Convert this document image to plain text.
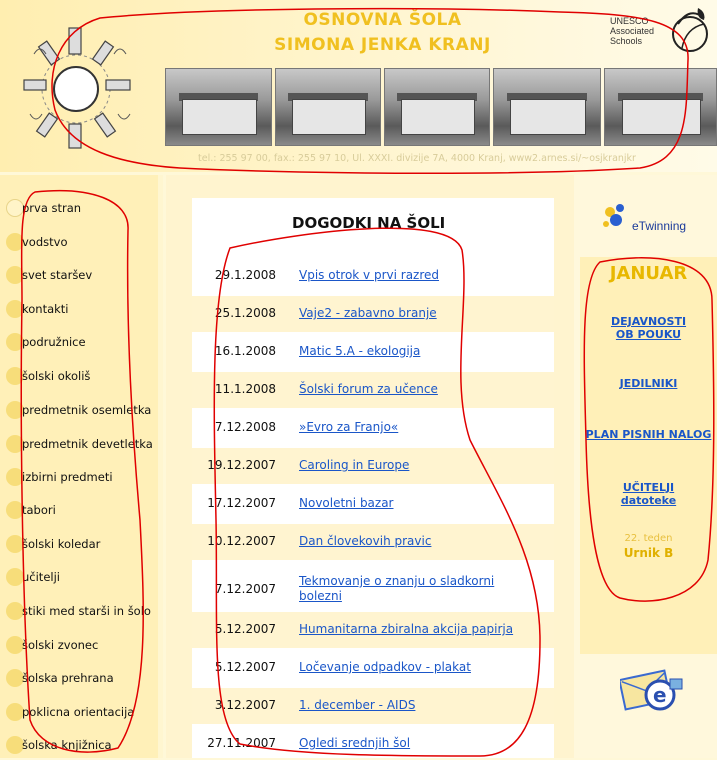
OSNOVNA ŠOLA
SIMONA JENKA KRANJ
UNESCO
Associated
Schools
tel.: 255 97 00, fax.: 255 97 10, Ul. XXXI. divizije 7A, 4000 Kranj, www2.arnes.si/~osjkranjkr
prva stran
vodstvo
svet staršev
kontakti
podružnice
šolski okoliš
predmetnik osemletka
predmetnik devetletka
izbirni predmeti
tabori
šolski koledar
učitelji
stiki med starši in šolo
šolski zvonec
šolska prehrana
poklicna orientacija
šolska knjižnica
DOGODKI NA ŠOLI
29.1.2008 Vpis otrok v prvi razred
25.1.2008 Vaje2 - zabavno branje
16.1.2008 Matic 5.A - ekologija
11.1.2008 Šolski forum za učence
7.12.2008 »Evro za Franjo«
19.12.2007 Caroling in Europe
17.12.2007 Novoletni bazar
10.12.2007 Dan človekovih pravic
7.12.2007
Tekmovanje o znanju o sladkorni bolezni
5.12.2007 Humanitarna zbiralna akcija papirja
5.12.2007 Ločevanje odpadkov - plakat
3.12.2007 1. december - AIDS
27.11.2007 Ogledi srednjih šol
eTwinning
JANUAR
DEJAVNOSTI
OB POUKU
JEDILNIKI
PLAN PISNIH NALOG
UČITELJI
datoteke
22. teden
Urnik B
e
